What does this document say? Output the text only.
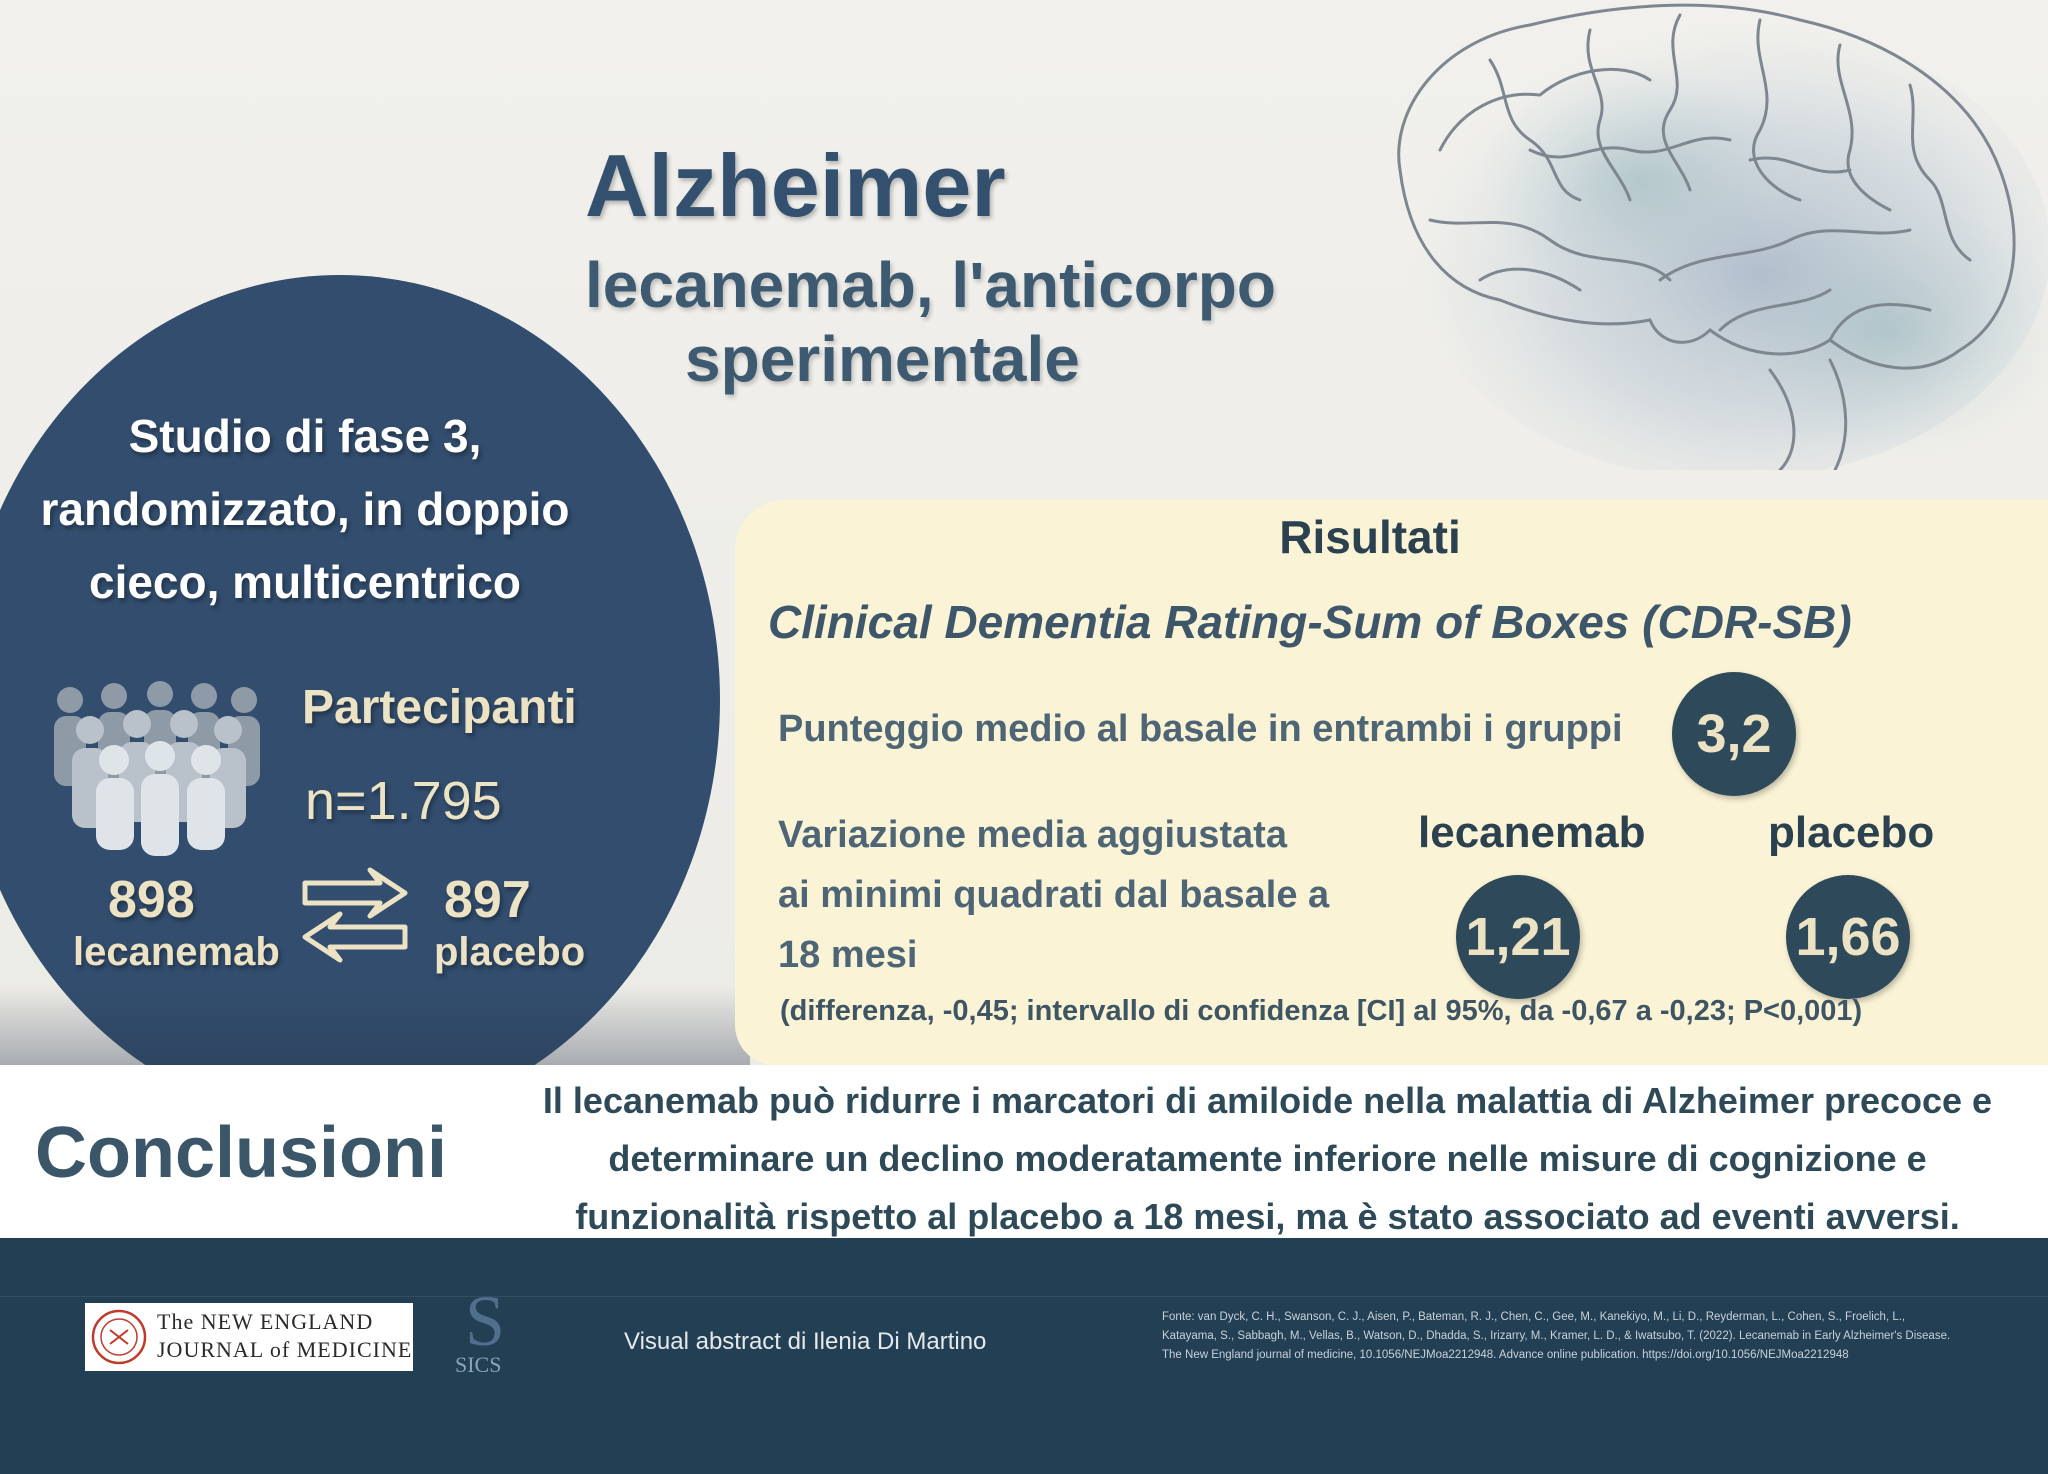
Alzheimer
lecanemab, l'anticorpo
sperimentale
Studio di fase 3,
randomizzato, in doppio
cieco, multicentrico
Partecipanti
n=1.795
898
lecanemab
897
placebo
Risultati
Clinical Dementia Rating-Sum of Boxes (CDR-SB)
Punteggio medio al basale in entrambi i gruppi	3,2
Variazione media aggiustata
ai minimi quadrati dal basale a
18 mesi
lecanemab	placebo
1,21	1,66
(differenza, -0,45; intervallo di confidenza [CI] al 95%, da -0,67 a -0,23; P<0,001)
Conclusioni
Il lecanemab può ridurre i marcatori di amiloide nella malattia di Alzheimer precoce e
determinare un declino moderatamente inferiore nelle misure di cognizione e
funzionalità rispetto al placebo a 18 mesi, ma è stato associato ad eventi avversi.
The NEW ENGLAND
JOURNAL of MEDICINE S
SICS
Visual abstract di Ilenia Di Martino
Fonte: van Dyck, C. H., Swanson, C. J., Aisen, P., Bateman, R. J., Chen, C., Gee, M., Kanekiyo, M., Li, D., Reyderman, L., Cohen, S., Froelich, L.,
Katayama, S., Sabbagh, M., Vellas, B., Watson, D., Dhadda, S., Irizarry, M., Kramer, L. D., & Iwatsubo, T. (2022). Lecanemab in Early Alzheimer's Disease.
The New England journal of medicine, 10.1056/NEJMoa2212948. Advance online publication. https://doi.org/10.1056/NEJMoa2212948
